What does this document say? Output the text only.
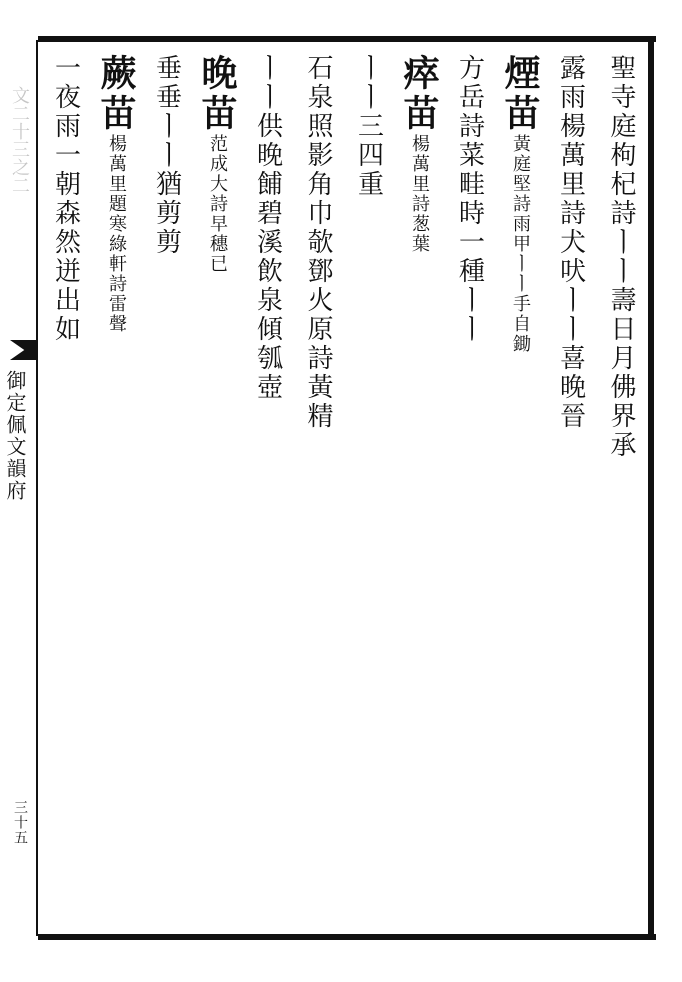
文二十三之二
御定佩文韻府
三十五
聖寺庭枸杞詩ㅣㅣ壽日月佛界承
露雨楊萬里詩犬吠ㅣㅣ喜晚晉
煙苗黃庭堅詩雨甲ㅣㅣ手自鋤
方岳詩菜畦時一種ㅣㅣ
瘁苗楊萬里詩葱葉
ㅣㅣ三四重
石泉照影角巾欹鄧火原詩黃精
ㅣㅣ供晚餔碧溪飲泉傾瓠壺
晚苗范成大詩早穗已
垂垂ㅣㅣ猶剪剪
蕨苗楊萬里題寒綠軒詩雷聲
一夜雨一朝森然迸出如
